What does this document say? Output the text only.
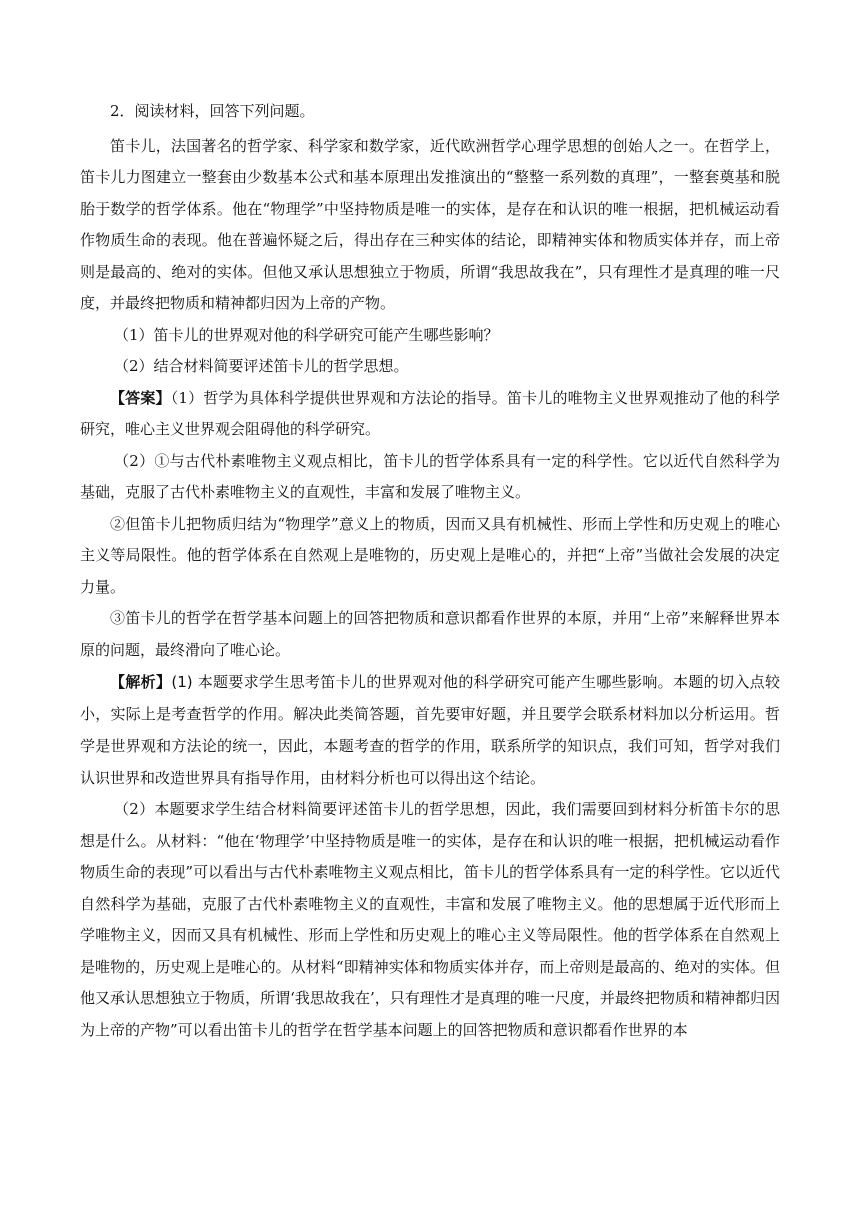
2．阅读材料，回答下列问题。

笛卡儿，法国著名的哲学家、科学家和数学家，近代欧洲哲学心理学思想的创始人之一。在哲学上，笛卡儿力图建立一整套由少数基本公式和基本原理出发推演出的“整整一系列数的真理”，一整套奠基和脱胎于数学的哲学体系。他在“物理学”中坚持物质是唯一的实体，是存在和认识的唯一根据，把机械运动看作物质生命的表现。他在普遍怀疑之后，得出存在三种实体的结论，即精神实体和物质实体并存，而上帝则是最高的、绝对的实体。但他又承认思想独立于物质，所谓“我思故我在”，只有理性才是真理的唯一尺度，并最终把物质和精神都归因为上帝的产物。

（1）笛卡儿的世界观对他的科学研究可能产生哪些影响？

（2）结合材料简要评述笛卡儿的哲学思想。

【答案】（1）哲学为具体科学提供世界观和方法论的指导。笛卡儿的唯物主义世界观推动了他的科学研究，唯心主义世界观会阻碍他的科学研究。

（2）①与古代朴素唯物主义观点相比，笛卡儿的哲学体系具有一定的科学性。它以近代自然科学为基础，克服了古代朴素唯物主义的直观性，丰富和发展了唯物主义。

②但笛卡儿把物质归结为“物理学”意义上的物质，因而又具有机械性、形而上学性和历史观上的唯心主义等局限性。他的哲学体系在自然观上是唯物的，历史观上是唯心的，并把“上帝”当做社会发展的决定力量。

③笛卡儿的哲学在哲学基本问题上的回答把物质和意识都看作世界的本原，并用“上帝”来解释世界本原的问题，最终滑向了唯心论。

【解析】(1) 本题要求学生思考笛卡儿的世界观对他的科学研究可能产生哪些影响。本题的切入点较小，实际上是考查哲学的作用。解决此类简答题，首先要审好题，并且要学会联系材料加以分析运用。哲学是世界观和方法论的统一，因此，本题考查的哲学的作用，联系所学的知识点，我们可知，哲学对我们认识世界和改造世界具有指导作用，由材料分析也可以得出这个结论。

（2）本题要求学生结合材料简要评述笛卡儿的哲学思想，因此，我们需要回到材料分析笛卡尔的思想是什么。从材料：“他在‘物理学’中坚持物质是唯一的实体，是存在和认识的唯一根据，把机械运动看作物质生命的表现”可以看出与古代朴素唯物主义观点相比，笛卡儿的哲学体系具有一定的科学性。它以近代自然科学为基础，克服了古代朴素唯物主义的直观性，丰富和发展了唯物主义。他的思想属于近代形而上学唯物主义，因而又具有机械性、形而上学性和历史观上的唯心主义等局限性。他的哲学体系在自然观上是唯物的，历史观上是唯心的。从材料“即精神实体和物质实体并存，而上帝则是最高的、绝对的实体。但他又承认思想独立于物质，所谓‘我思故我在’，只有理性才是真理的唯一尺度，并最终把物质和精神都归因为上帝的产物”可以看出笛卡儿的哲学在哲学基本问题上的回答把物质和意识都看作世界的本
